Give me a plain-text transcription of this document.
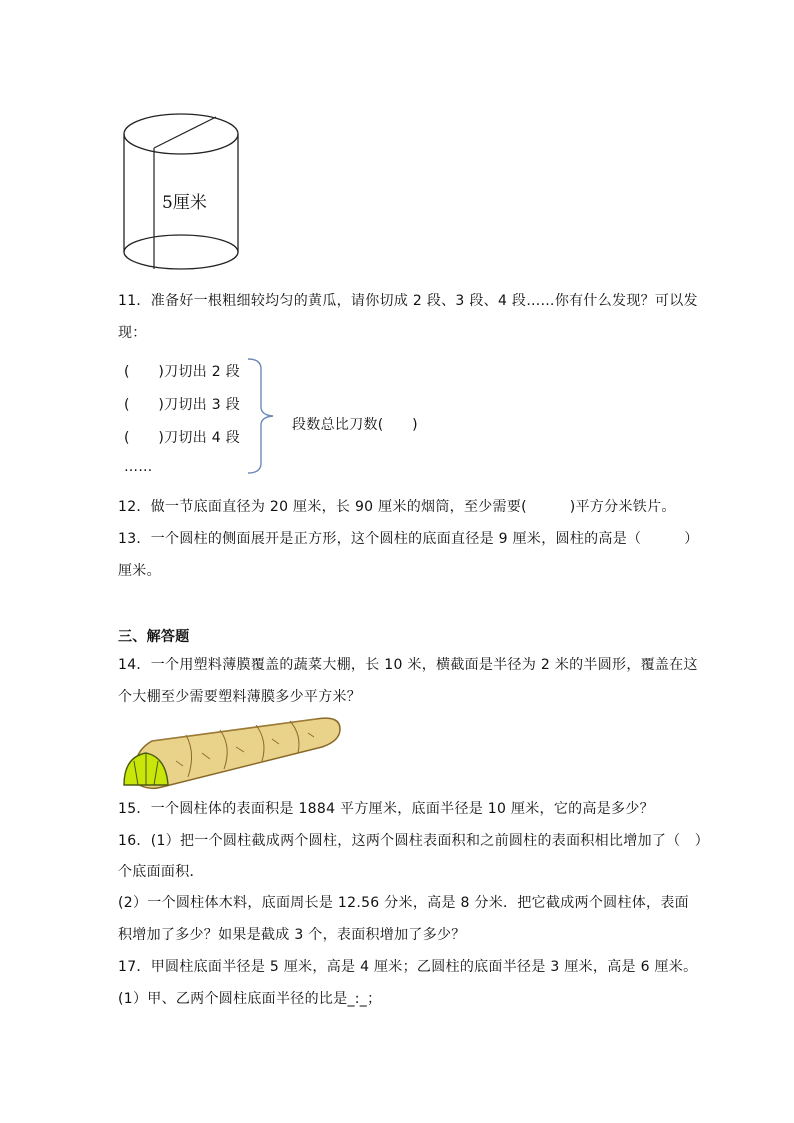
5厘米
11．准备好一根粗细较均匀的黄瓜，请你切成 2 段、3 段、4 段……你有什么发现？可以发
现：
(　　)刀切出 2 段
(　　)刀切出 3 段
(　　)刀切出 4 段
……
段数总比刀数(　　)
12．做一节底面直径为 20 厘米，长 90 厘米的烟筒，至少需要(　　　)平方分米铁片。
13．一个圆柱的侧面展开是正方形，这个圆柱的底面直径是 9 厘米，圆柱的高是（　　　）
厘米。
三、解答题
14．一个用塑料薄膜覆盖的蔬菜大棚，长 10 米，横截面是半径为 2 米的半圆形，覆盖在这
个大棚至少需要塑料薄膜多少平方米？
15．一个圆柱体的表面积是 1884 平方厘米，底面半径是 10 厘米，它的高是多少？
16．(1）把一个圆柱截成两个圆柱，这两个圆柱表面积和之前圆柱的表面积相比增加了（　）
个底面面积．
(2）一个圆柱体木料，底面周长是 12.56 分米，高是 8 分米．把它截成两个圆柱体，表面
积增加了多少？如果是截成 3 个，表面积增加了多少？
17．甲圆柱底面半径是 5 厘米，高是 4 厘米；乙圆柱的底面半径是 3 厘米，高是 6 厘米。
(1）甲、乙两个圆柱底面半径的比是_:_；
